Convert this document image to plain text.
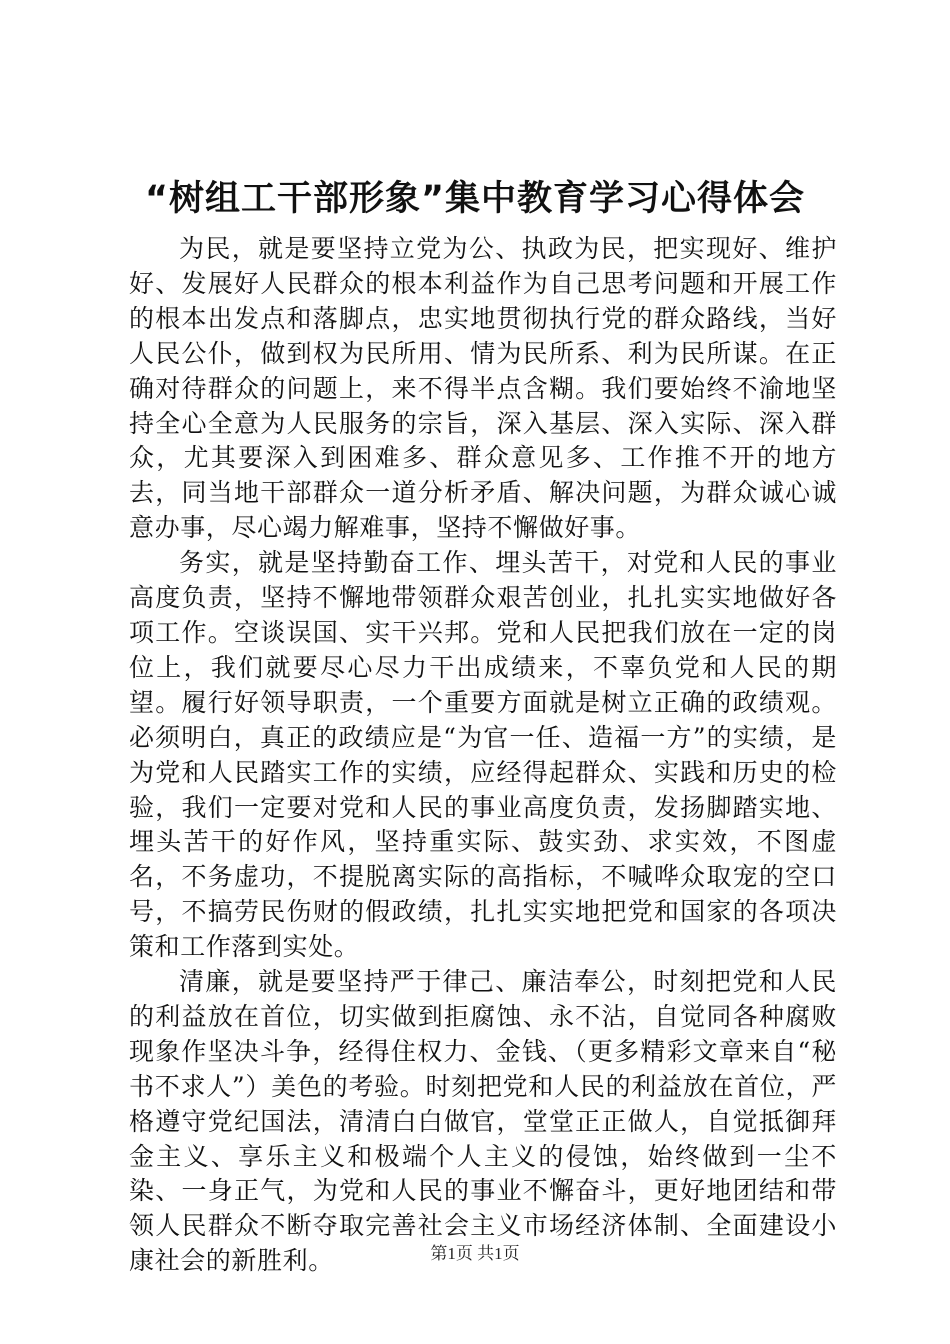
“树组工干部形象”集中教育学习心得体会

为民，就是要坚持立党为公、执政为民，把实现好、维护好、发展好人民群众的根本利益作为自己思考问题和开展工作的根本出发点和落脚点，忠实地贯彻执行党的群众路线，当好人民公仆，做到权为民所用、情为民所系、利为民所谋。在正确对待群众的问题上，来不得半点含糊。我们要始终不渝地坚持全心全意为人民服务的宗旨，深入基层、深入实际、深入群众，尤其要深入到困难多、群众意见多、工作推不开的地方去，同当地干部群众一道分析矛盾、解决问题，为群众诚心诚意办事，尽心竭力解难事，坚持不懈做好事。

务实，就是坚持勤奋工作、埋头苦干，对党和人民的事业高度负责，坚持不懈地带领群众艰苦创业，扎扎实实地做好各项工作。空谈误国、实干兴邦。党和人民把我们放在一定的岗位上，我们就要尽心尽力干出成绩来，不辜负党和人民的期望。履行好领导职责，一个重要方面就是树立正确的政绩观。必须明白，真正的政绩应是“为官一任、造福一方”的实绩，是为党和人民踏实工作的实绩，应经得起群众、实践和历史的检验，我们一定要对党和人民的事业高度负责，发扬脚踏实地、埋头苦干的好作风，坚持重实际、鼓实劲、求实效，不图虚名，不务虚功，不提脱离实际的高指标，不喊哗众取宠的空口号，不搞劳民伤财的假政绩，扎扎实实地把党和国家的各项决策和工作落到实处。

清廉，就是要坚持严于律己、廉洁奉公，时刻把党和人民的利益放在首位，切实做到拒腐蚀、永不沾，自觉同各种腐败现象作坚决斗争，经得住权力、金钱、（更多精彩文章来自“秘书不求人”）美色的考验。时刻把党和人民的利益放在首位，严格遵守党纪国法，清清白白做官，堂堂正正做人，自觉抵御拜金主义、享乐主义和极端个人主义的侵蚀，始终做到一尘不染、一身正气，为党和人民的事业不懈奋斗，更好地团结和带领人民群众不断夺取完善社会主义市场经济体制、全面建设小康社会的新胜利。	第1页 共1页
